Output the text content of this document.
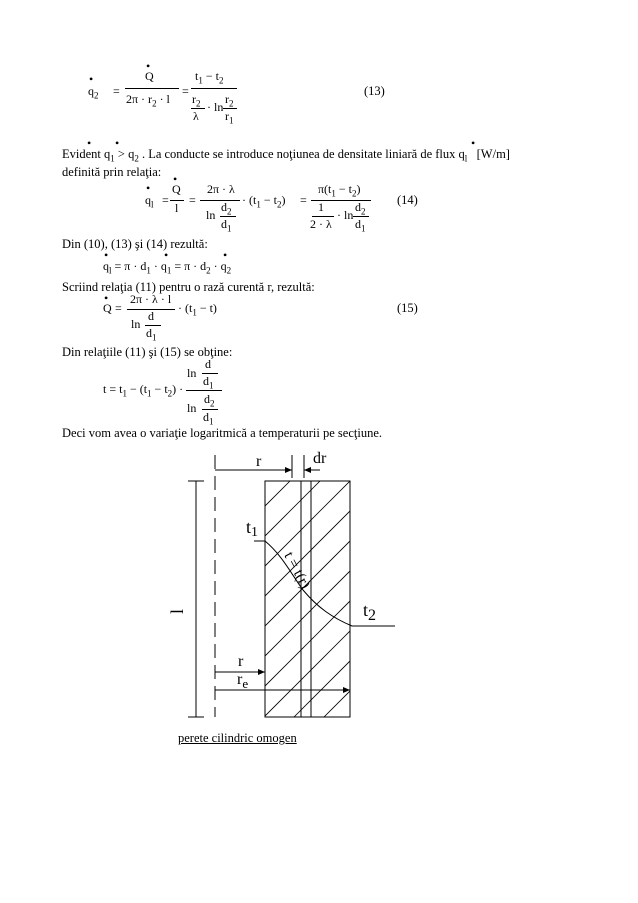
•
$q_2$ =
•
Q
$2\pi \cdot r_2 \cdot l$
=
$t_1 - t_2$
$r_2$
λ
· ln
$r_2$
$r_1$
(13)
• •	•
Evident $q_1 > q_2$ . La conducte se introduce noţiunea de densitate liniară de flux $q_l$ [W/m]
definită prin relaţia:
•
$q_l$ =
•
Q
l
=
2π · λ
ln
$d_2$
$d_1$
· $(t_1 - t_2)$ =
$\pi(t_1 - t_2)$
1
2 · λ
· ln
$d_2$
$d_1$
(14)
Din (10), (13) şi (14) rezultă:
•	•	•
$q_l = \pi \cdot d_1 \cdot q_1 = \pi \cdot d_2 \cdot q_2$
Scriind relaţia (11) pentru o rază curentă r, rezultă:
•
Q =
2π · λ · l
ln
d
$d_1$
· $(t_1 - t)$	(15)
Din relaţiile (11) şi (15) se obţine:
$t = t_1 - (t_1 - t_2)$ ·
ln
d
$d_1$
ln
$d_2$
$d_1$
Deci vom avea o variaţie logaritmică a temperaturii pe secţiune.
r	dr
t1
t = t(r)
l	t2
r
$r_e$
perete cilindric omogen
